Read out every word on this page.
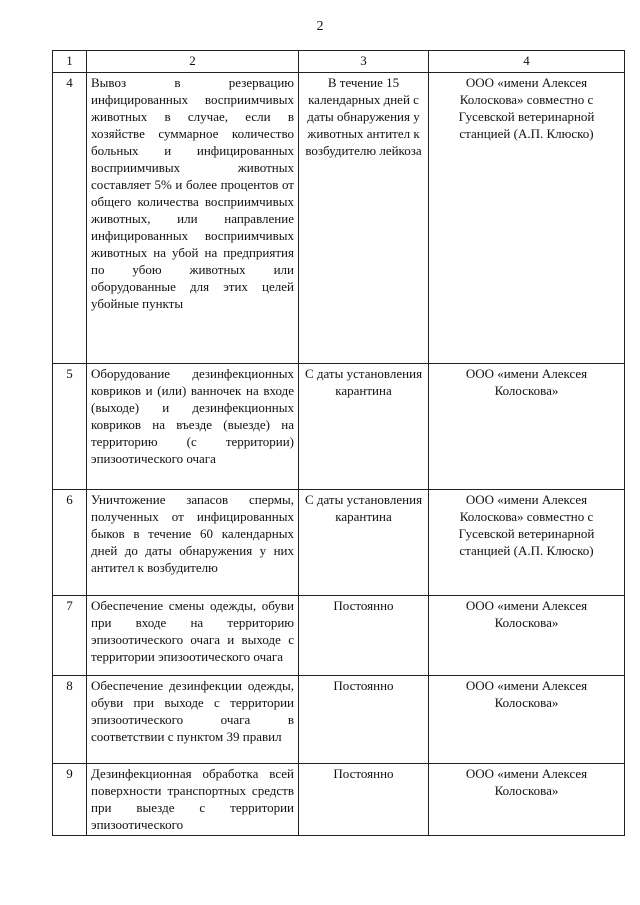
2
1	2	3	4
4	Вывоз в резервацию инфицированных восприимчивых животных в случае, если в хозяйстве суммарное количество больных и инфицированных восприимчивых животных составляет 5% и более процентов от общего количества восприимчивых животных, или направление инфицированных восприимчивых животных на убой на предприятия по убою животных или оборудованные для этих целей убойные пункты	В течение 15 календарных дней с даты обнаружения у животных антител к возбудителю лейкоза	ООО «имени Алексея Колоскова» совместно с Гусевской ветеринарной станцией (А.П. Клюско)
5	Оборудование дезинфекционных ковриков и (или) ванночек на входе (выходе) и дезинфекционных ковриков на въезде (выезде) на территорию (с территории) эпизоотического очага	С даты установления карантина	ООО «имени Алексея Колоскова»
6	Уничтожение запасов спермы, полученных от инфицированных быков в течение 60 календарных дней до даты обнаружения у них антител к возбудителю	С даты установления карантина	ООО «имени Алексея Колоскова» совместно с Гусевской ветеринарной станцией (А.П. Клюско)
7	Обеспечение смены одежды, обуви при входе на территорию эпизоотического очага и выходе с территории эпизоотического очага	Постоянно	ООО «имени Алексея Колоскова»
8	Обеспечение дезинфекции одежды, обуви при выходе с территории эпизоотического очага в соответствии с пунктом 39 правил	Постоянно	ООО «имени Алексея Колоскова»
9	Дезинфекционная обработка всей поверхности транспортных средств при выезде с территории эпизоотического	Постоянно	ООО «имени Алексея Колоскова»
